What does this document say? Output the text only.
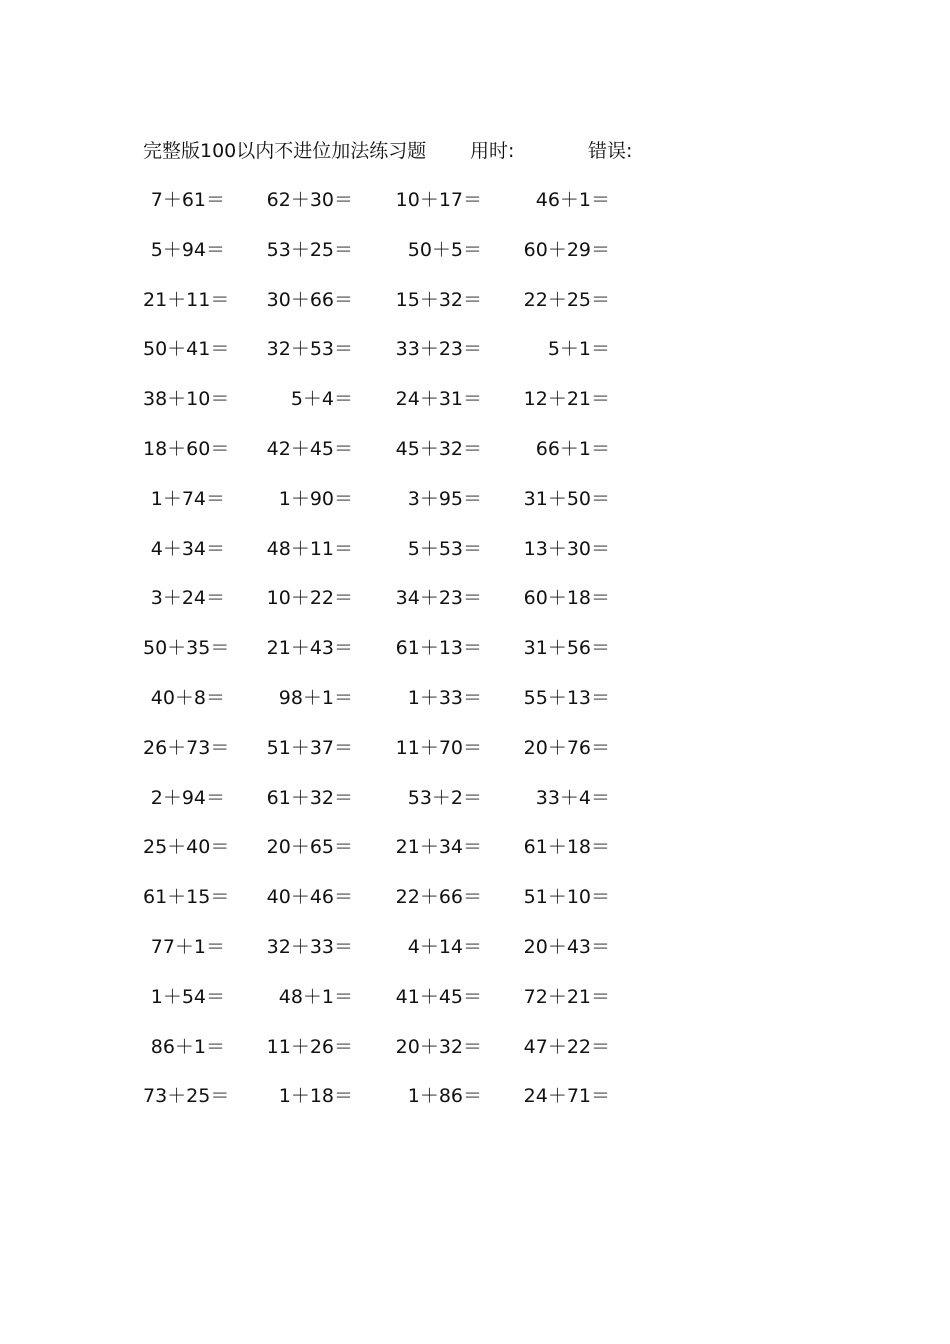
完整版100以内不进位加法练习题 用时:	错误:
7＋61＝ 62＋30＝	10＋17＝	46＋1＝
5＋94＝ 53＋25＝	50＋5＝	60＋29＝
21＋11＝ 30＋66＝	15＋32＝	22＋25＝
50＋41＝ 32＋53＝	33＋23＝	5＋1＝
38＋10＝	5＋4＝	24＋31＝	12＋21＝
18＋60＝ 42＋45＝	45＋32＝	66＋1＝
1＋74＝	1＋90＝	3＋95＝	31＋50＝
4＋34＝ 48＋11＝	5＋53＝	13＋30＝
3＋24＝ 10＋22＝	34＋23＝	60＋18＝
50＋35＝ 21＋43＝	61＋13＝	31＋56＝
40＋8＝	98＋1＝	1＋33＝	55＋13＝
26＋73＝ 51＋37＝	11＋70＝	20＋76＝
2＋94＝ 61＋32＝	53＋2＝	33＋4＝
25＋40＝ 20＋65＝	21＋34＝	61＋18＝
61＋15＝ 40＋46＝	22＋66＝	51＋10＝
77＋1＝ 32＋33＝	4＋14＝	20＋43＝
1＋54＝	48＋1＝	41＋45＝	72＋21＝
86＋1＝ 11＋26＝	20＋32＝	47＋22＝
73＋25＝	1＋18＝	1＋86＝	24＋71＝
